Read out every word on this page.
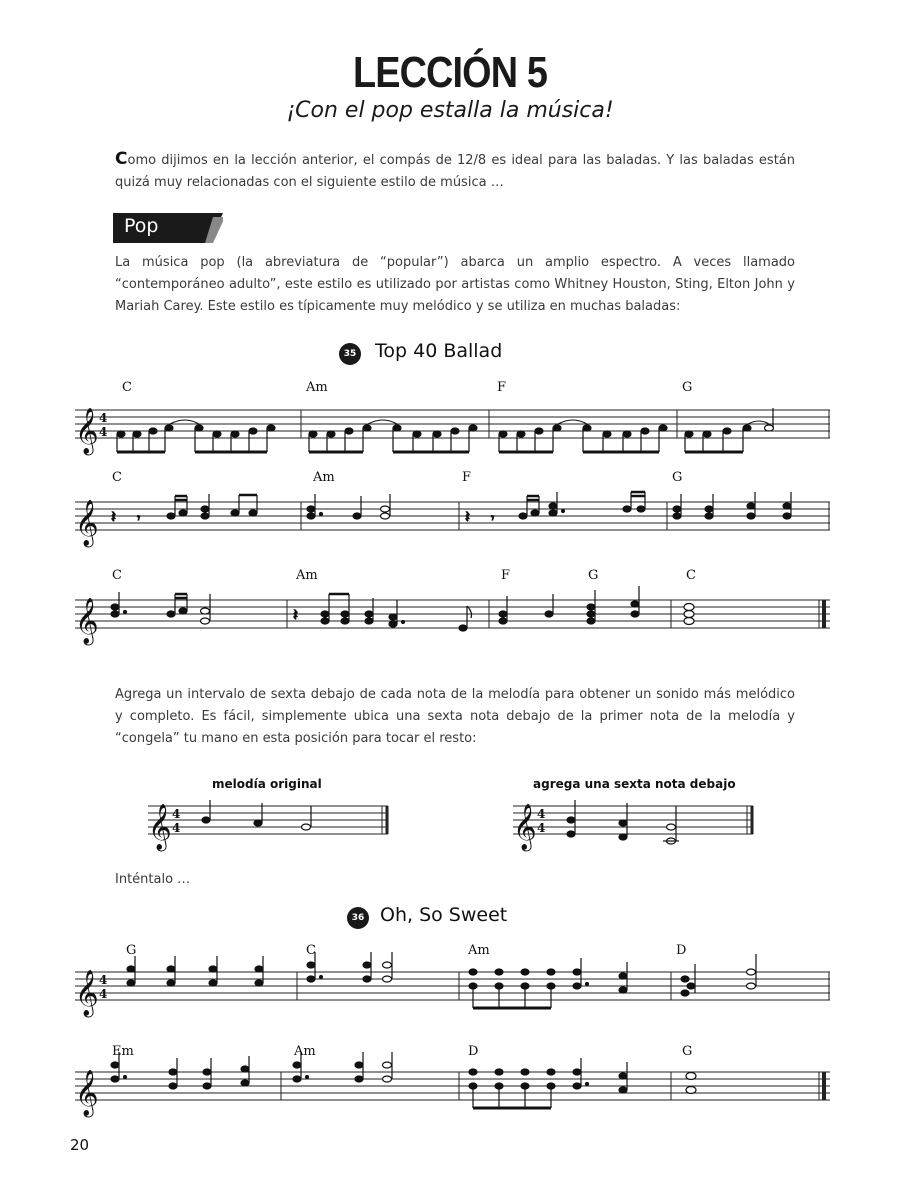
LECCIÓN 5
¡Con el pop estalla la música!
Como dijimos en la lección anterior, el compás de 12/8 es ideal para las baladas. Y las baladas están quizá muy relacionadas con el siguiente estilo de música …
Pop
La música pop (la abreviatura de “popular”) abarca un amplio espectro. A veces llamado “contemporáneo adulto”, este estilo es utilizado por artistas como Whitney Houston, Sting, Elton John y Mariah Carey. Este estilo es típicamente muy melódico y se utiliza en muchas baladas:
35 Top 40 Ballad
C	Am	F	G
C	Am	F	G
C	Am	F	G	C
𝄞 4
4
𝄞 𝄽 𝄾	𝄽 𝄾
𝄞	𝄽
Agrega un intervalo de sexta debajo de cada nota de la melodía para obtener un sonido más melódico y completo. Es fácil, simplemente ubica una sexta nota debajo de la primer nota de la melodía y “congela” tu mano en esta posición para tocar el resto:
melodía original	agrega una sexta nota debajo
𝄞 4
4	𝄞 4
4
Inténtalo …
36 Oh, So Sweet
G	C	Am	D
Em	Am	D	G
𝄞 4
4
𝄞
20
